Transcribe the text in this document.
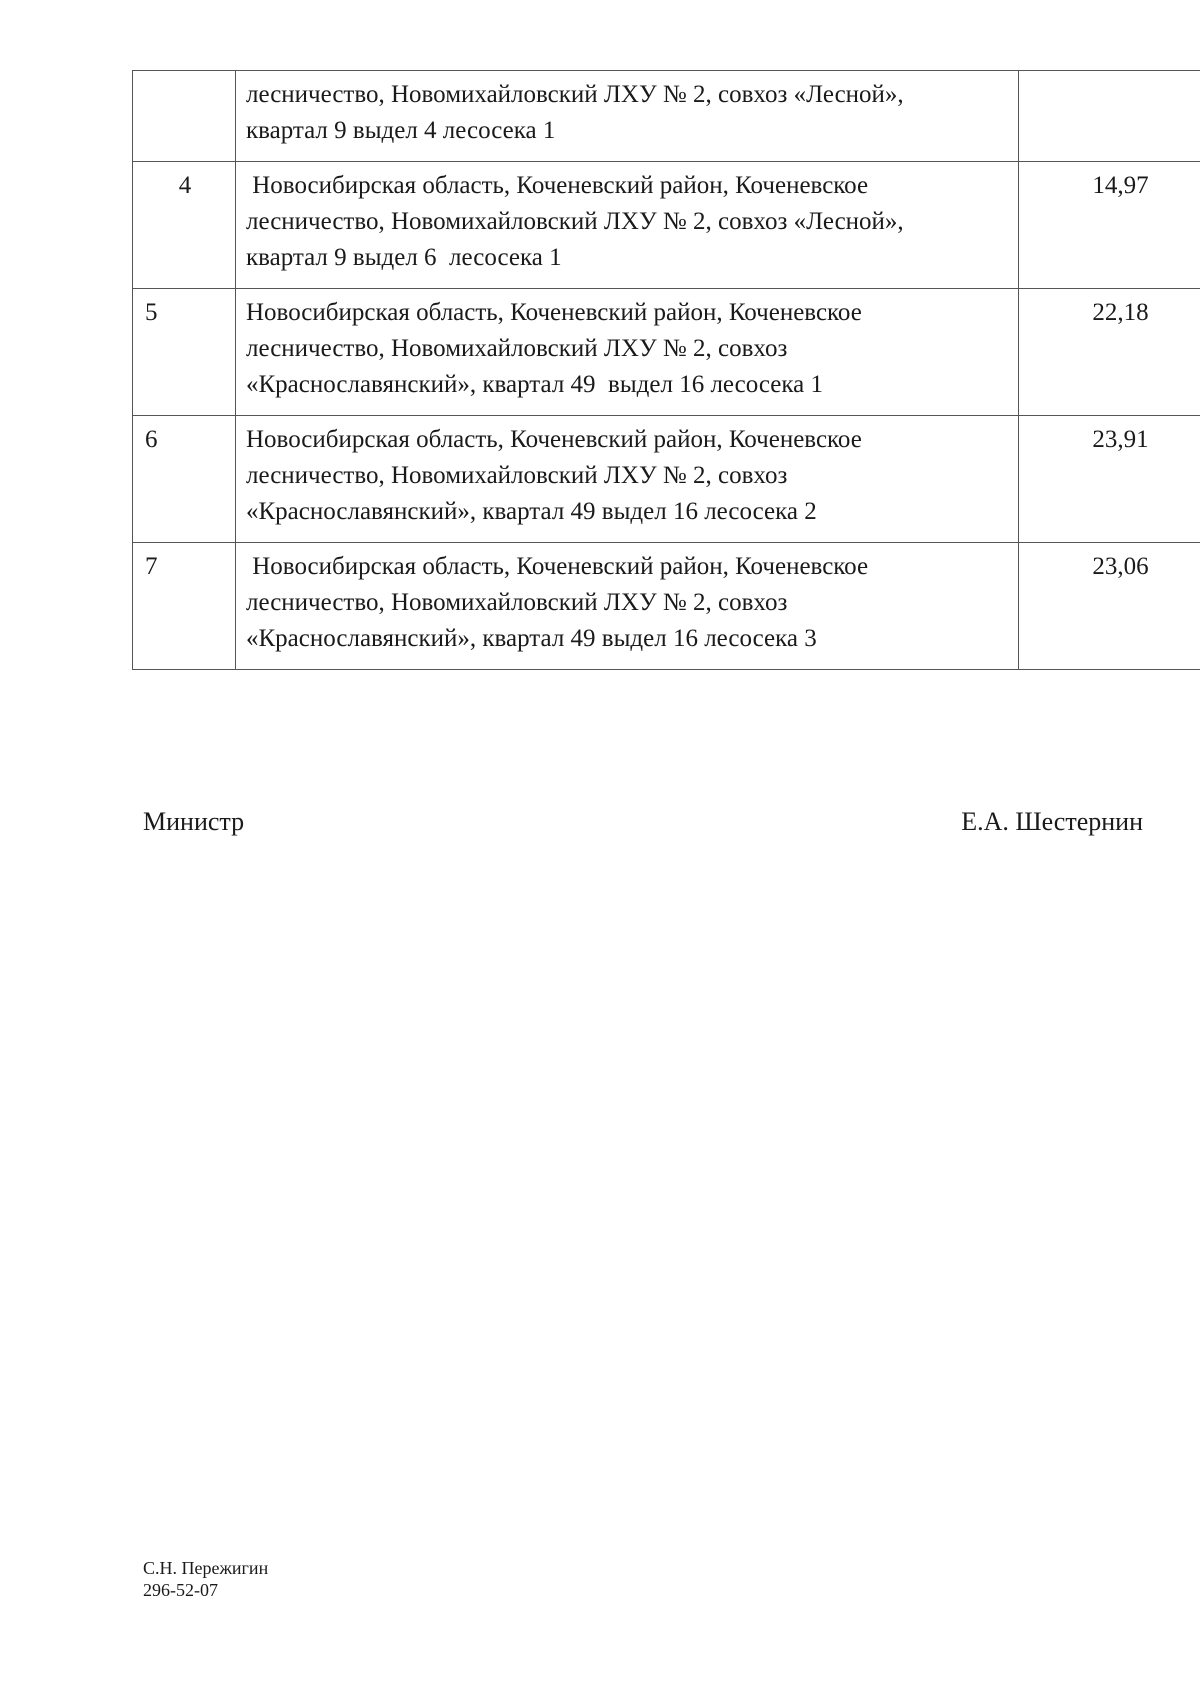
	лесничество, Новомихайловский ЛХУ № 2, совхоз «Лесной»,
квартал 9 выдел 4 лесосека 1	

4	Новосибирская область, Коченевский район, Коченевское
лесничество, Новомихайловский ЛХУ № 2, совхоз «Лесной»,
квартал 9 выдел 6  лесосека 1	14,97
5	Новосибирская область, Коченевский район, Коченевское
лесничество, Новомихайловский ЛХУ № 2, совхоз
«Краснославянский», квартал 49  выдел 16 лесосека 1	22,18
6	Новосибирская область, Коченевский район, Коченевское
лесничество, Новомихайловский ЛХУ № 2, совхоз
«Краснославянский», квартал 49 выдел 16 лесосека 2	23,91
7	Новосибирская область, Коченевский район, Коченевское
лесничество, Новомихайловский ЛХУ № 2, совхоз
«Краснославянский», квартал 49 выдел 16 лесосека 3	23,06
Министр	Е.А. Шестернин
С.Н. Пережигин
296-52-07
